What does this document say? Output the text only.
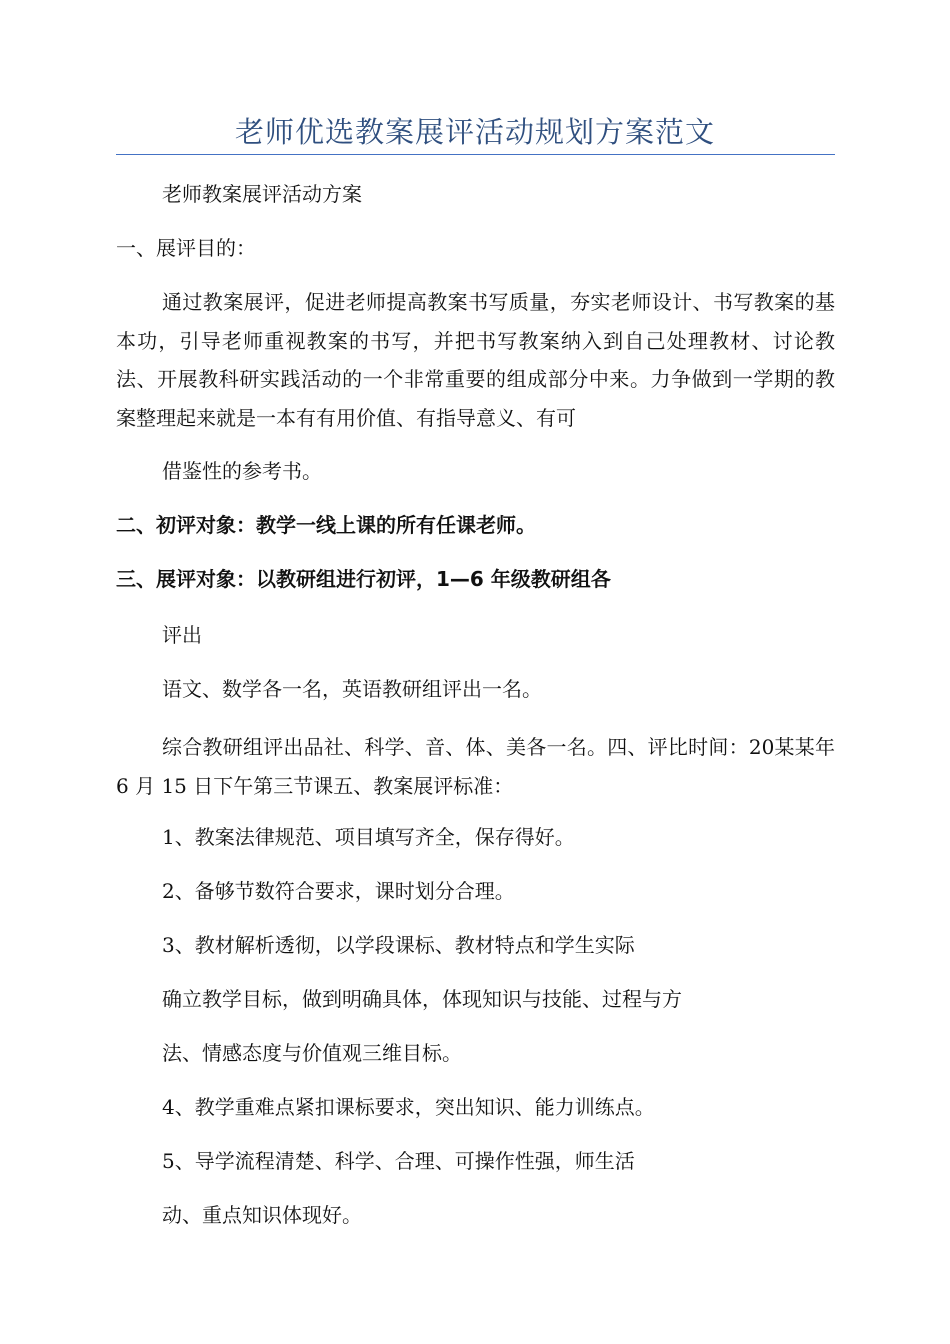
老师优选教案展评活动规划方案范文
老师教案展评活动方案
一、展评目的：
通过教案展评，促进老师提高教案书写质量，夯实老师设计、书写教案的基本功，引导老师重视教案的书写，并把书写教案纳入到自己处理教材、讨论教法、开展教科研实践活动的一个非常重要的组成部分中来。力争做到一学期的教案整理起来就是一本有有用价值、有指导意义、有可
借鉴性的参考书。
二、初评对象：教学一线上课的所有任课老师。
三、展评对象：以教研组进行初评，1—6 年级教研组各
评出
语文、数学各一名，英语教研组评出一名。
综合教研组评出品社、科学、音、体、美各一名。四、评比时间：20某某年 6 月 15 日下午第三节课五、教案展评标准：
1、教案法律规范、项目填写齐全，保存得好。
2、备够节数符合要求，课时划分合理。
3、教材解析透彻，以学段课标、教材特点和学生实际
确立教学目标，做到明确具体，体现知识与技能、过程与方
法、情感态度与价值观三维目标。
4、教学重难点紧扣课标要求，突出知识、能力训练点。
5、导学流程清楚、科学、合理、可操作性强，师生活
动、重点知识体现好。
